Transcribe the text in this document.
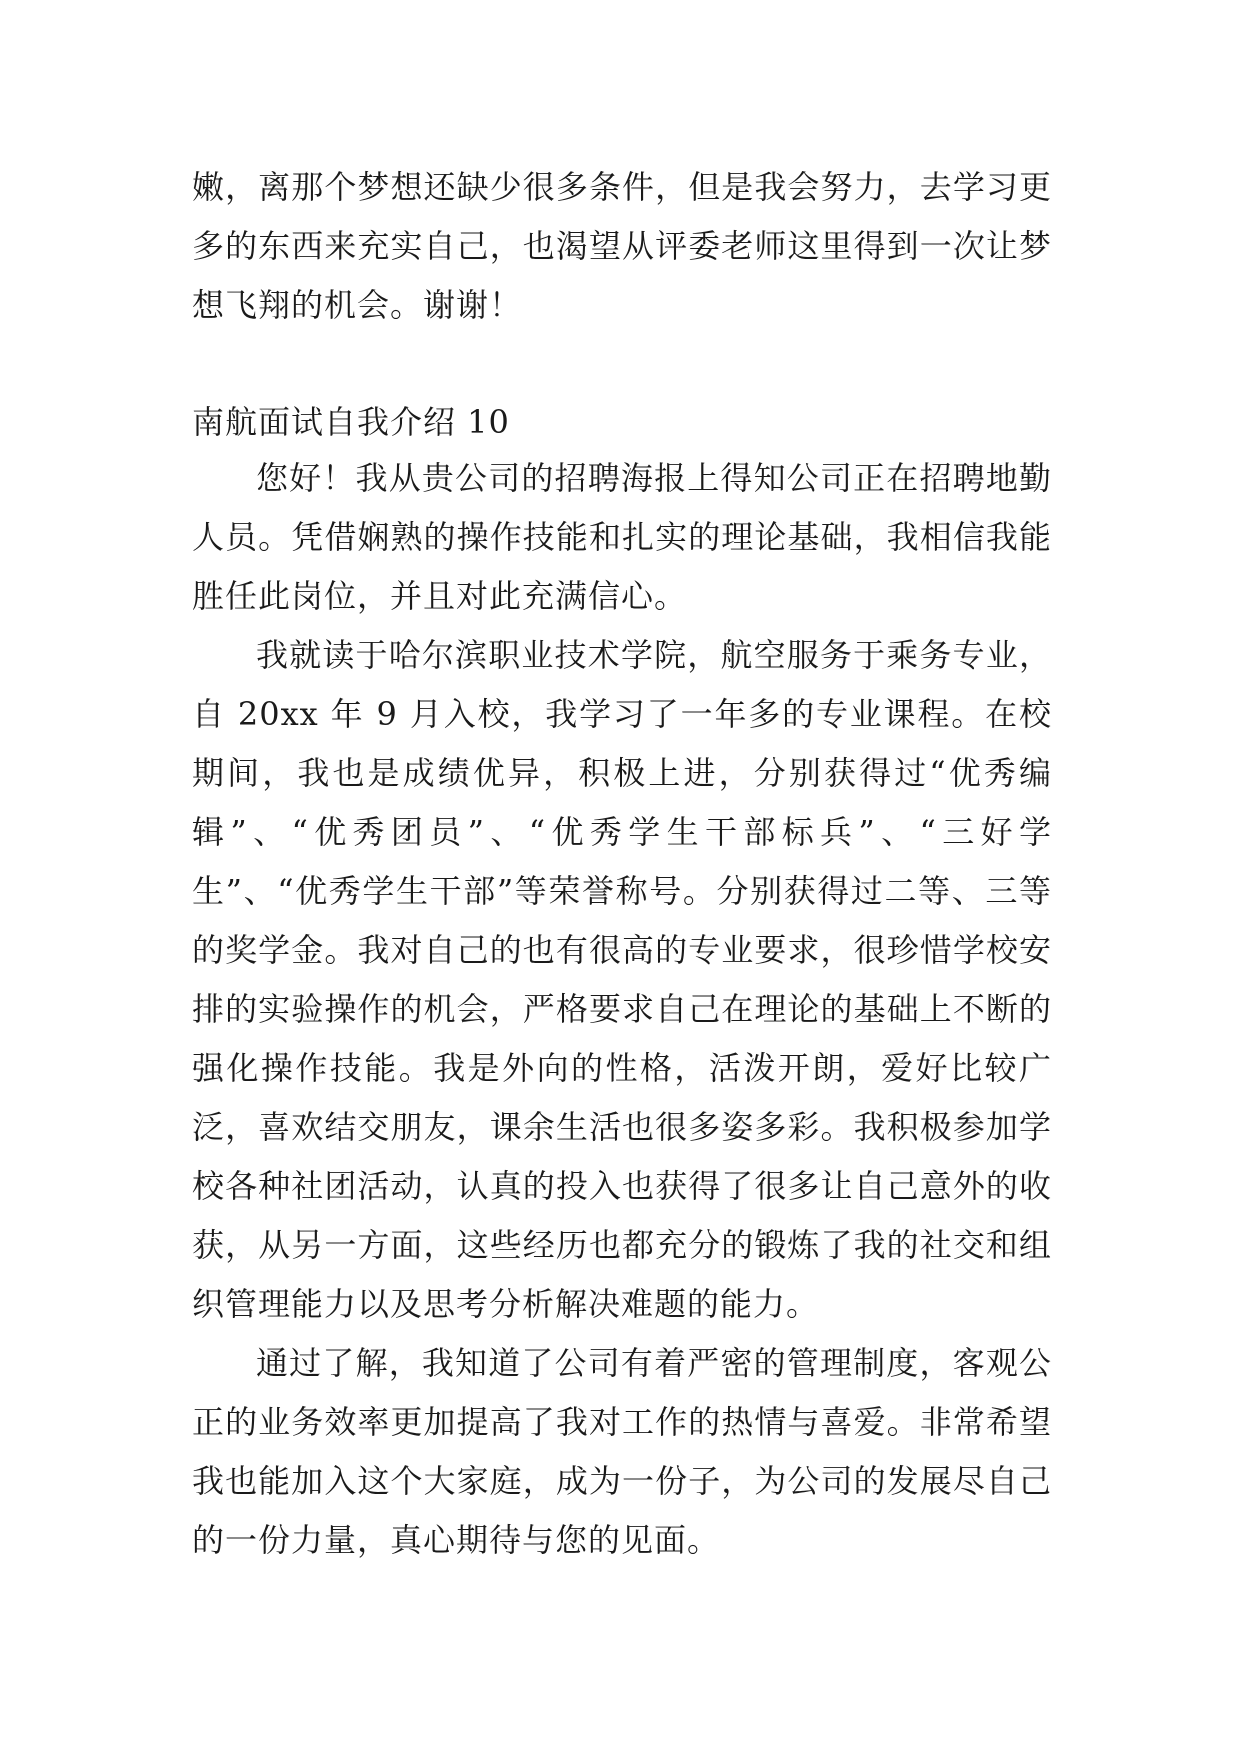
嫩，离那个梦想还缺少很多条件，但是我会努力，去学习更多的东西来充实自己，也渴望从评委老师这里得到一次让梦想飞翔的机会。谢谢！

南航面试自我介绍 10

您好！我从贵公司的招聘海报上得知公司正在招聘地勤人员。凭借娴熟的操作技能和扎实的理论基础，我相信我能胜任此岗位，并且对此充满信心。

我就读于哈尔滨职业技术学院，航空服务于乘务专业，自 20xx 年 9 月入校，我学习了一年多的专业课程。在校期间，我也是成绩优异，积极上进，分别获得过“优秀编辑”、“优秀团员”、“优秀学生干部标兵”、“三好学生”、“优秀学生干部”等荣誉称号。分别获得过二等、三等的奖学金。我对自己的也有很高的专业要求，很珍惜学校安排的实验操作的机会，严格要求自己在理论的基础上不断的强化操作技能。我是外向的性格，活泼开朗，爱好比较广泛，喜欢结交朋友，课余生活也很多姿多彩。我积极参加学校各种社团活动，认真的投入也获得了很多让自己意外的收获，从另一方面，这些经历也都充分的锻炼了我的社交和组织管理能力以及思考分析解决难题的能力。

通过了解，我知道了公司有着严密的管理制度，客观公正的业务效率更加提高了我对工作的热情与喜爱。非常希望我也能加入这个大家庭，成为一份子，为公司的发展尽自己的一份力量，真心期待与您的见面。
